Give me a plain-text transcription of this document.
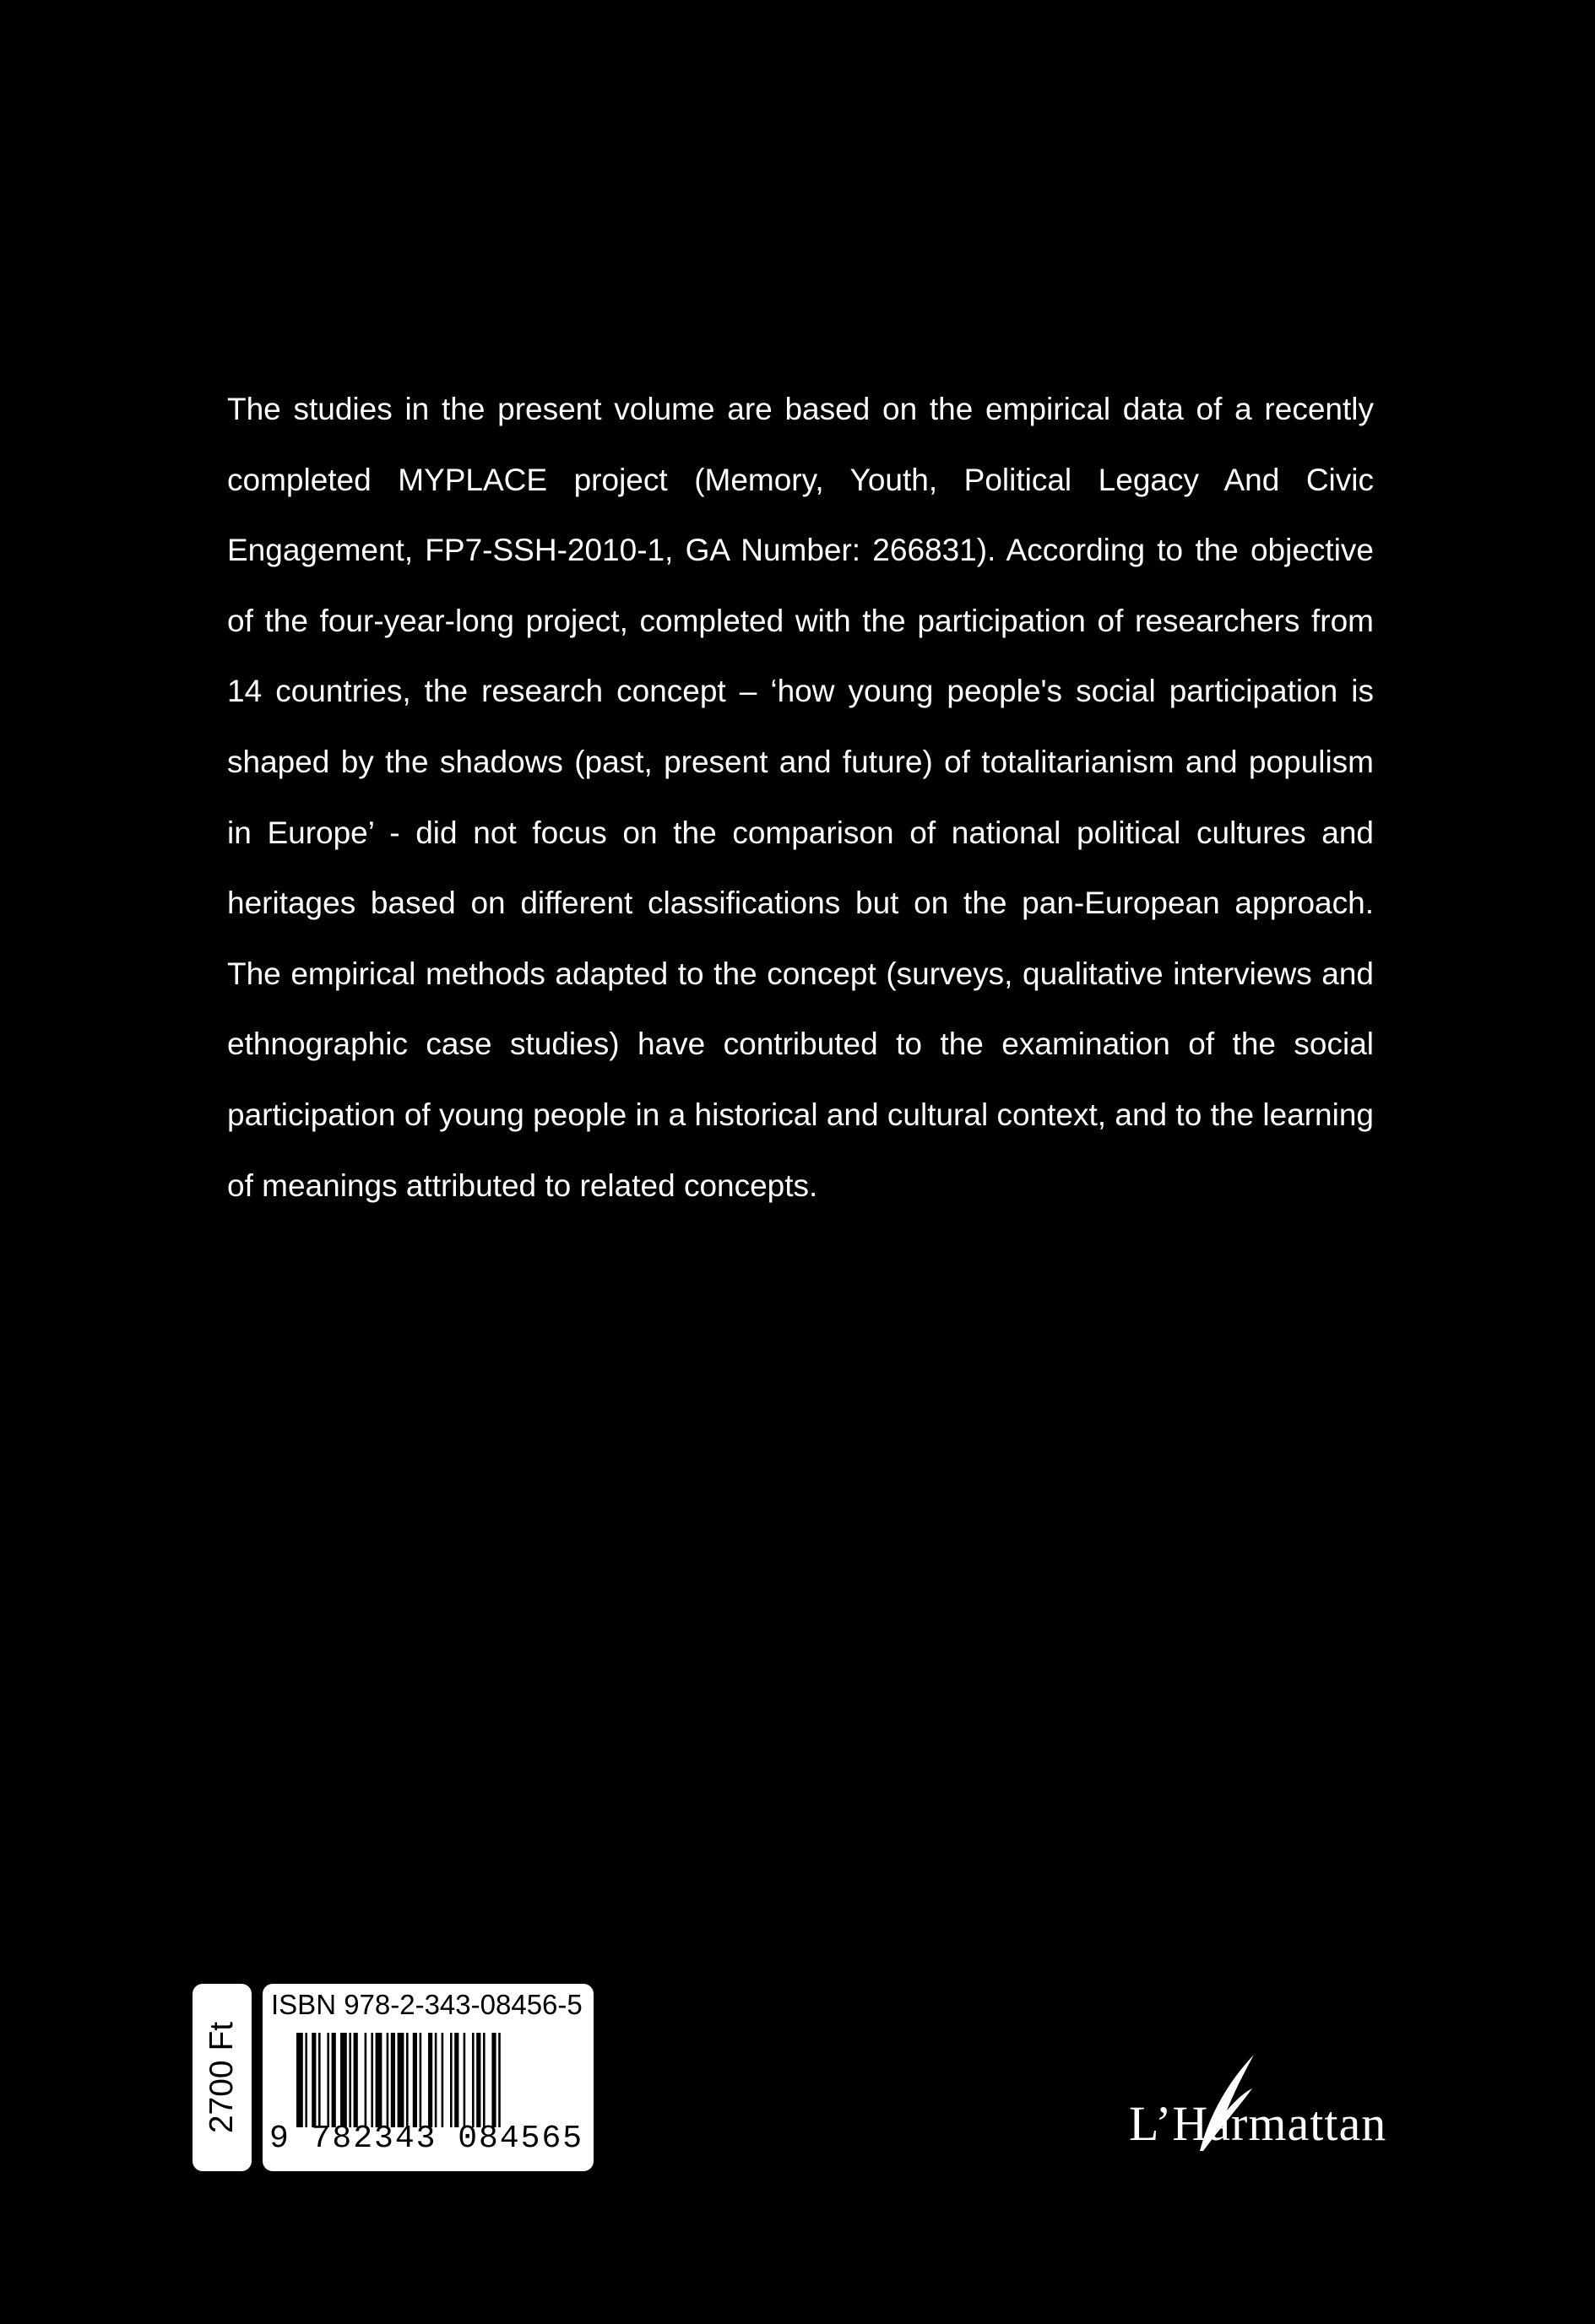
The studies in the present volume are based on the empirical data of a recently completed MYPLACE project (Memory, Youth, Political Legacy And Civic Engagement, FP7-SSH-2010-1, GA Number: 266831). According to the objective of the four-year-long project, completed with the participation of researchers from 14 countries, the research concept – ‘how young people's social participation is shaped by the shadows (past, present and future) of totalitarianism and populism in Europe’ - did not focus on the comparison of national political cultures and heritages based on different classifications but on the pan-European approach. The empirical methods adapted to the concept (surveys, qualitative interviews and ethnographic case studies) have contributed to the examination of the social participation of young people in a historical and cultural context, and to the learning of meanings attributed to related concepts.

2700 Ft
ISBN 978-2-343-08456-5
9 782343 084565	L’Harmattan
